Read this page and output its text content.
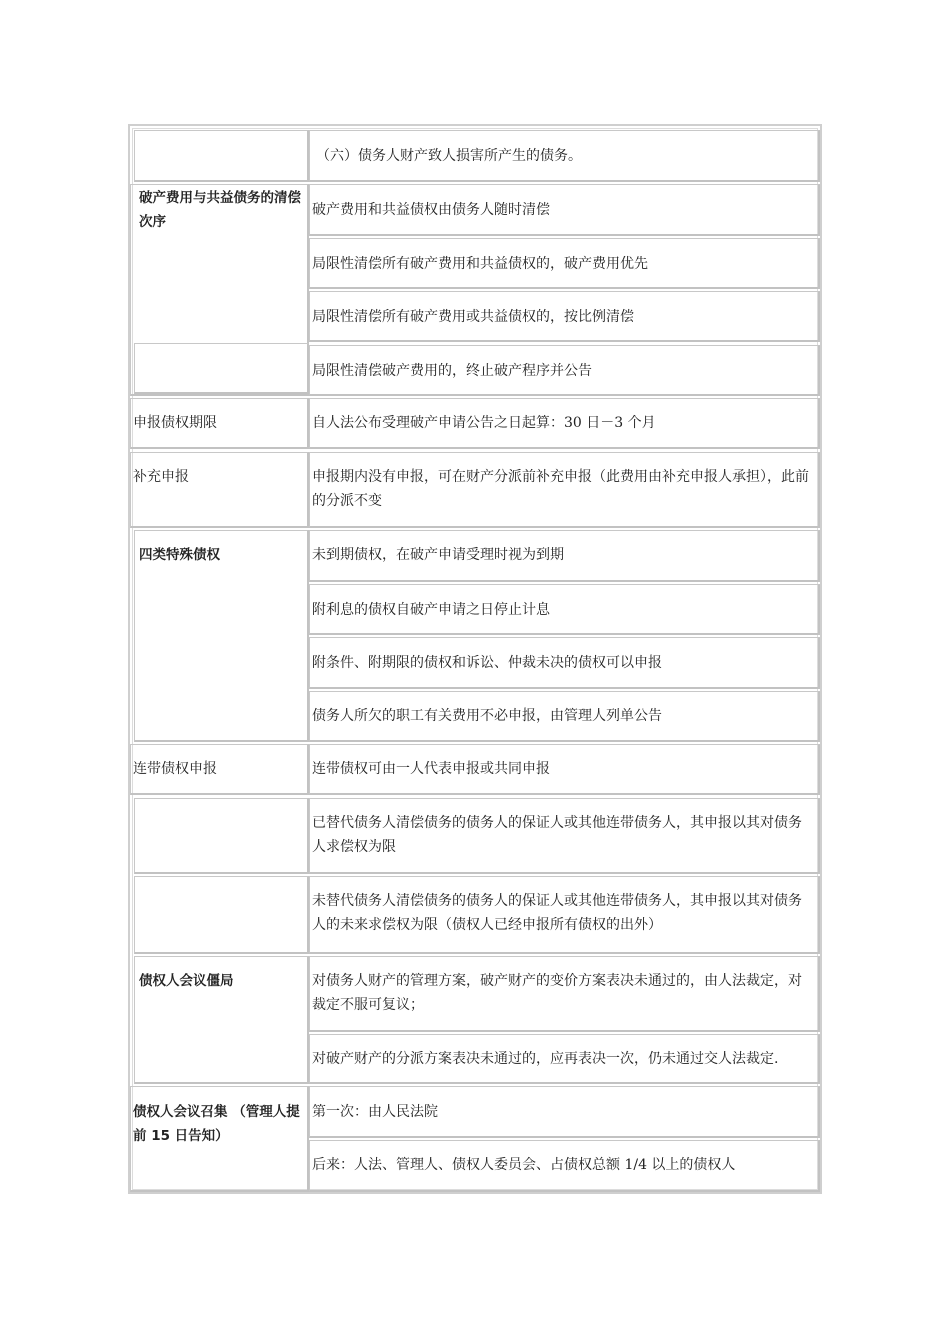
破产费用与共益债务的清偿次序
申报债权期限
补充申报
四类特殊债权
连带债权申报
债权人会议僵局
债权人会议召集 （管理人提前 15 日告知）
（六）债务人财产致人损害所产生的债务。
破产费用和共益债权由债务人随时清偿
局限性清偿所有破产费用和共益债权的，破产费用优先
局限性清偿所有破产费用或共益债权的，按比例清偿
局限性清偿破产费用的，终止破产程序并公告
自人法公布受理破产申请公告之日起算：30 日－3 个月
申报期内没有申报，可在财产分派前补充申报（此费用由补充申报人承担），此前的分派不变
未到期债权，在破产申请受理时视为到期
附利息的债权自破产申请之日停止计息
附条件、附期限的债权和诉讼、仲裁未决的债权可以申报
债务人所欠的职工有关费用不必申报，由管理人列单公告
连带债权可由一人代表申报或共同申报
已替代债务人清偿债务的债务人的保证人或其他连带债务人，其申报以其对债务人求偿权为限
未替代债务人清偿债务的债务人的保证人或其他连带债务人，其申报以其对债务人的未来求偿权为限（债权人已经申报所有债权的出外）
对债务人财产的管理方案，破产财产的变价方案表决未通过的，由人法裁定，对裁定不服可复议；
对破产财产的分派方案表决未通过的，应再表决一次，仍未通过交人法裁定.
第一次：由人民法院
后来：人法、管理人、债权人委员会、占债权总额 1/4 以上的债权人
